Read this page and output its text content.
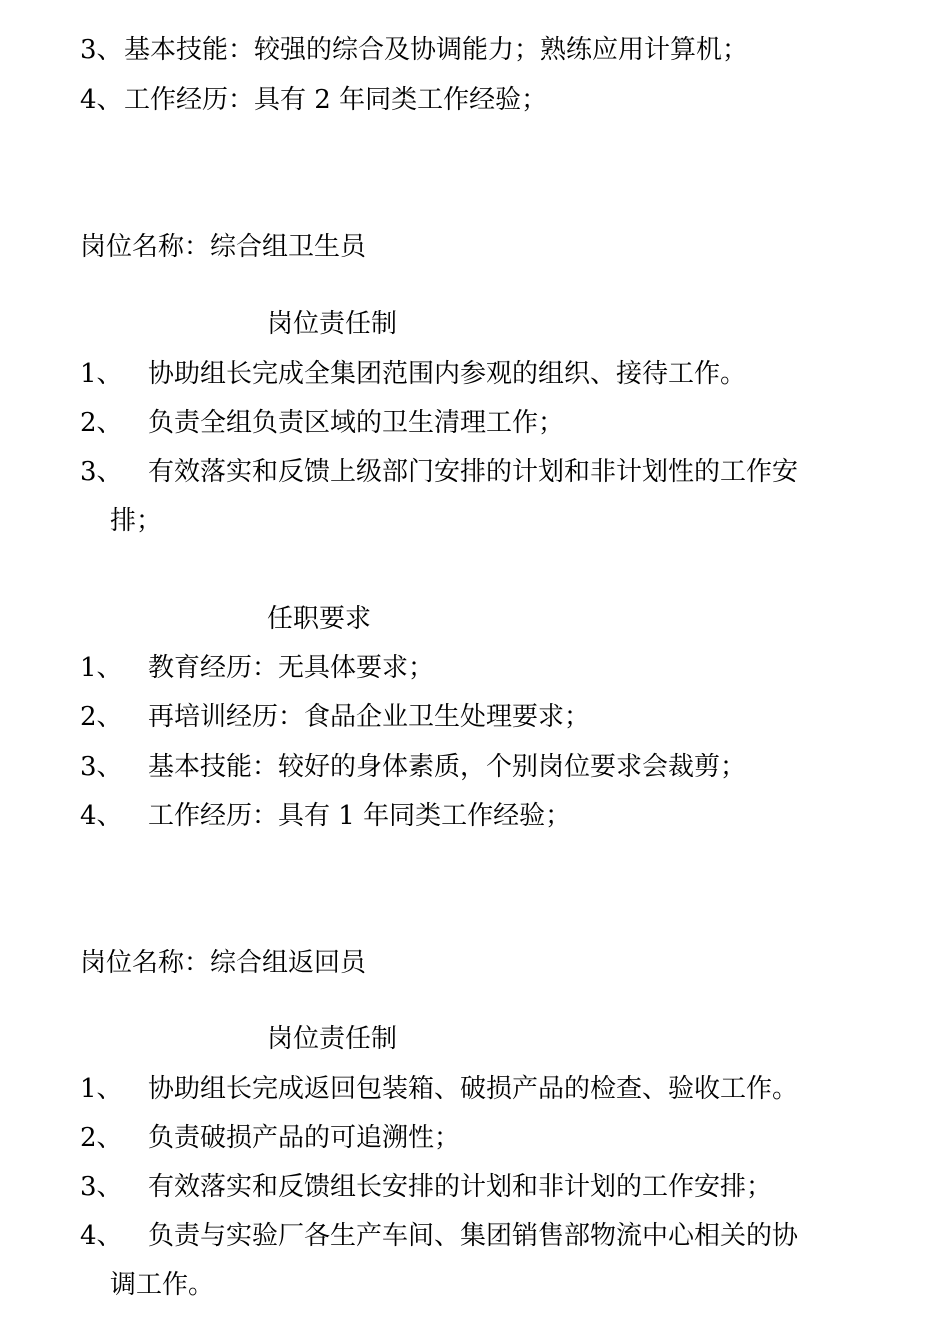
3、基本技能：较强的综合及协调能力；熟练应用计算机；
4、工作经历：具有 2 年同类工作经验；
岗位名称：综合组卫生员
岗位责任制
1、 协助组长完成全集团范围内参观的组织、接待工作。
2、 负责全组负责区域的卫生清理工作；
3、 有效落实和反馈上级部门安排的计划和非计划性的工作安
排；
任职要求
1、 教育经历：无具体要求；
2、 再培训经历：食品企业卫生处理要求；
3、 基本技能：较好的身体素质，个别岗位要求会裁剪；
4、 工作经历：具有 1 年同类工作经验；
岗位名称：综合组返回员
岗位责任制
1、 协助组长完成返回包装箱、破损产品的检查、验收工作。
2、 负责破损产品的可追溯性；
3、 有效落实和反馈组长安排的计划和非计划的工作安排；
4、 负责与实验厂各生产车间、集团销售部物流中心相关的协
调工作。
